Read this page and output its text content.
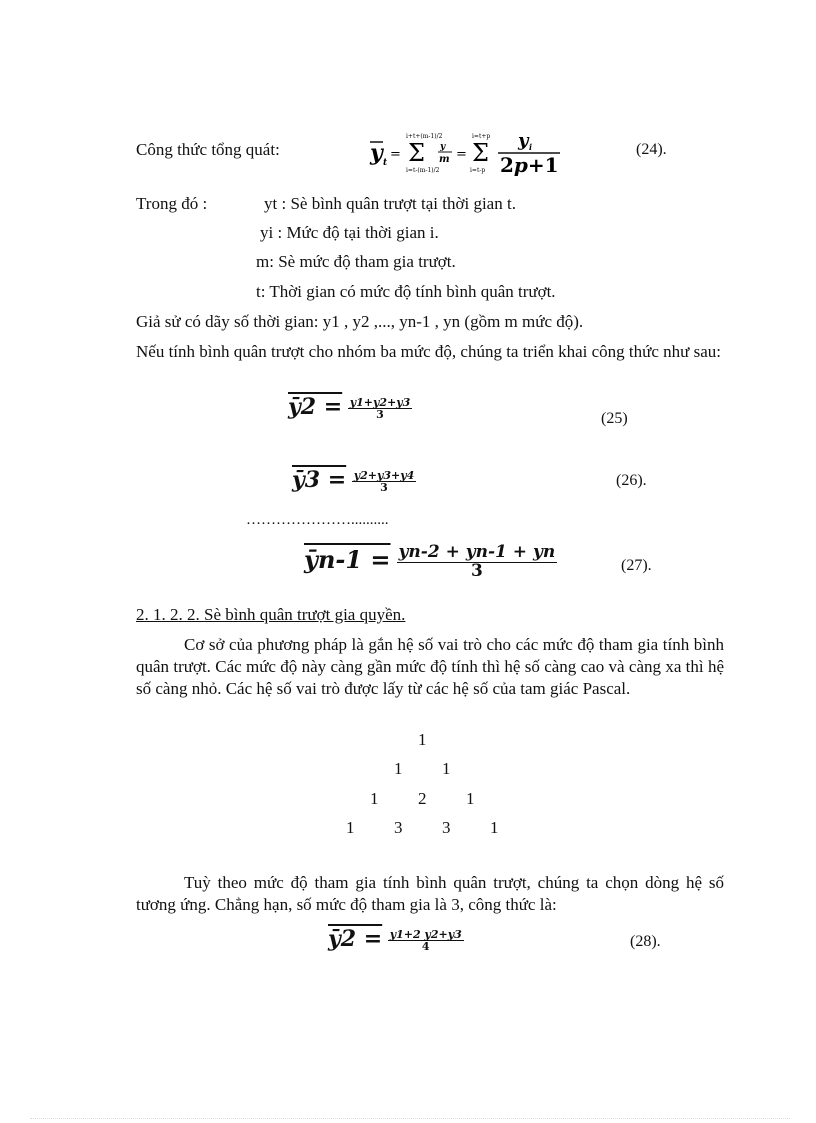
Công thức tổng quát:	y t
=
i+t+(m-1)/2
Σ
i=t-(m-1)/2
y
m =
i=t+p
Σ
i=t-p
y i
2p+1
(24).
Trong đó :	yt : Sè bình quân trượt tại thời gian t.
yi : Mức độ tại thời gian i.
m: Sè mức độ tham gia trượt.
t: Thời gian có mức độ tính bình quân trượt.
Giả sử có dãy số thời gian: y1 , y2 ,..., yn-1 , yn (gồm m mức độ).
Nếu tính bình quân trượt cho nhóm ba mức độ, chúng ta triển khai công thức như sau:
ȳ2 = $\frac{y1+y2+y3}{3}$	(25)
ȳ3 = $\frac{y2+y3+y4}{3}$	(26).
…………………..........
ȳn-1 = $\frac{yn-2 + yn-1 + yn}{3}$	(27).
2. 1. 2. 2. Sè bình quân trượt gia quyền.
Cơ sở của phương pháp là gắn hệ số vai trò cho các mức độ tham gia tính bình quân trượt. Các mức độ này càng gần mức độ tính thì hệ số càng cao và càng xa thì hệ số càng nhỏ. Các hệ số vai trò được lấy từ các hệ số của tam giác Pascal.
1
1 1
1 2 1
1 3 3 1
Tuỳ theo mức độ tham gia tính bình quân trượt, chúng ta chọn dòng hệ số tương ứng. Chẳng hạn, số mức độ tham gia là 3, công thức là:
ȳ2 = $\frac{y1+2 y2+y3}{4}$	(28).
